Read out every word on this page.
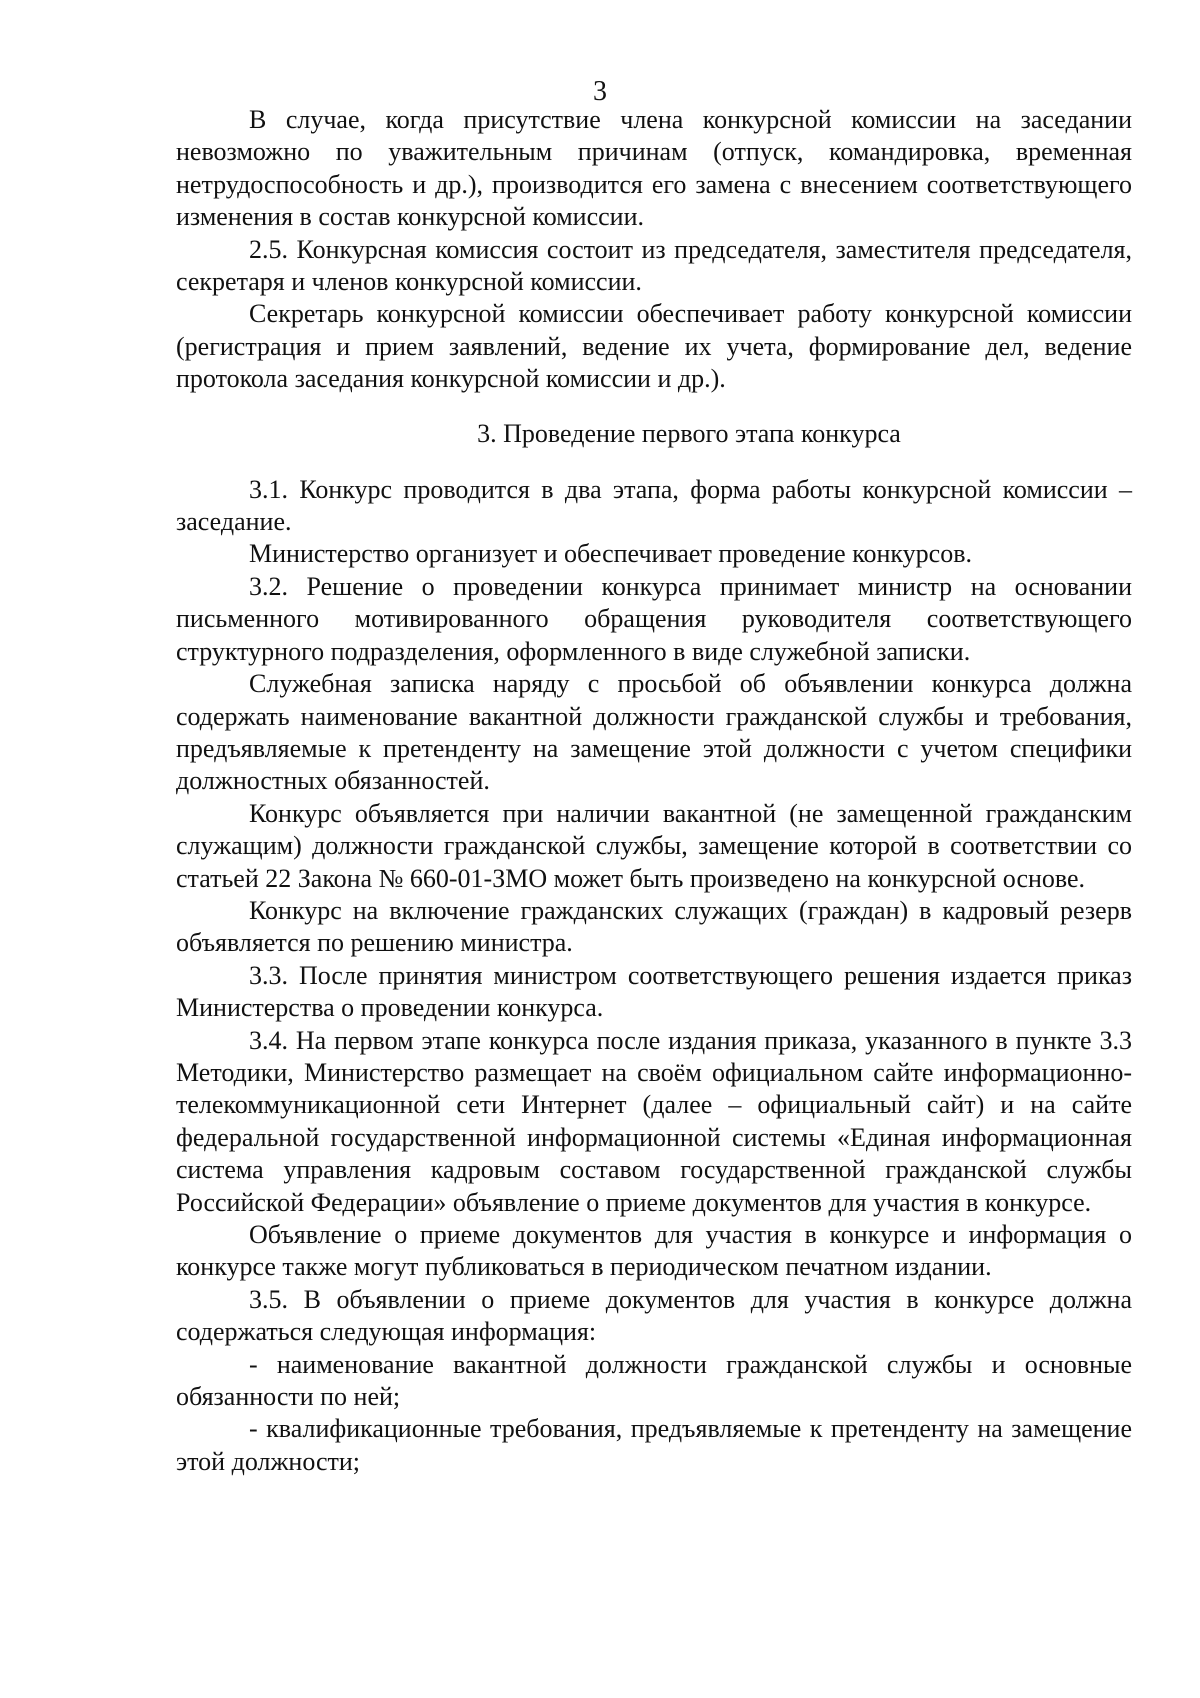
3

В случае, когда присутствие члена конкурсной комиссии на заседании невозможно по уважительным причинам (отпуск, командировка, временная нетрудоспособность и др.), производится его замена с внесением соответствующего изменения в состав конкурсной комиссии.

2.5. Конкурсная комиссия состоит из председателя, заместителя председателя, секретаря и членов конкурсной комиссии.

Секретарь конкурсной комиссии обеспечивает работу конкурсной комиссии (регистрация и прием заявлений, ведение их учета, формирование дел, ведение протокола заседания конкурсной комиссии и др.).

3. Проведение первого этапа конкурса

3.1. Конкурс проводится в два этапа, форма работы конкурсной комиссии – заседание.

Министерство организует и обеспечивает проведение конкурсов.

3.2. Решение о проведении конкурса принимает министр на основании письменного мотивированного обращения руководителя соответствующего структурного подразделения, оформленного в виде служебной записки.

Служебная записка наряду с просьбой об объявлении конкурса должна содержать наименование вакантной должности гражданской службы и требования, предъявляемые к претенденту на замещение этой должности с учетом специфики должностных обязанностей.

Конкурс объявляется при наличии вакантной (не замещенной гражданским служащим) должности гражданской службы, замещение которой в соответствии со статьей 22 Закона № 660-01-ЗМО может быть произведено на конкурсной основе.

Конкурс на включение гражданских служащих (граждан) в кадровый резерв объявляется по решению министра.

3.3. После принятия министром соответствующего решения издается приказ Министерства о проведении конкурса.

3.4. На первом этапе конкурса после издания приказа, указанного в пункте 3.3 Методики, Министерство размещает на своём официальном сайте информационно-телекоммуникационной сети Интернет (далее – официальный сайт) и на сайте федеральной государственной информационной системы «Единая информационная система управления кадровым составом государственной гражданской службы Российской Федерации» объявление о приеме документов для участия в конкурсе.

Объявление о приеме документов для участия в конкурсе и информация о конкурсе также могут публиковаться в периодическом печатном издании.

3.5. В объявлении о приеме документов для участия в конкурсе должна содержаться следующая информация:

- наименование вакантной должности гражданской службы и основные обязанности по ней;

- квалификационные требования, предъявляемые к претенденту на замещение этой должности;
